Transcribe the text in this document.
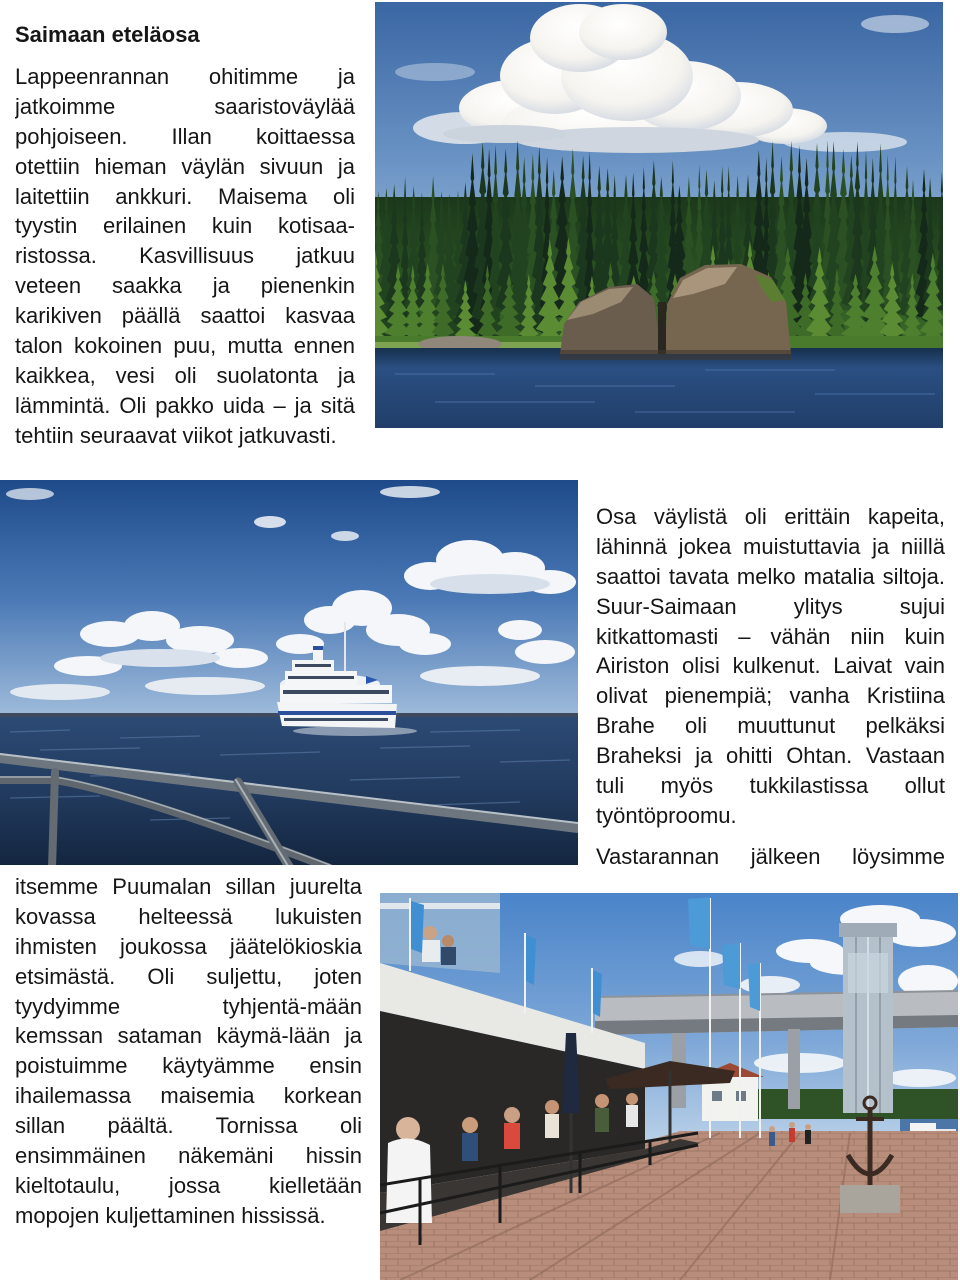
Saimaan eteläosa
Lappeenrannan ohitimme ja
jatkoimme saaristoväylää
pohjoiseen. Illan koittaessa
otettiin hieman väylän sivuun ja
laitettiin ankkuri. Maisema oli
tyystin erilainen kuin kotisaa-
ristossa. Kasvillisuus jatkuu
veteen saakka ja pienenkin
karikiven päällä saattoi kasvaa
talon kokoinen puu, mutta ennen
kaikkea, vesi oli suolatonta ja
lämmintä. Oli pakko uida – ja sitä
tehtiin seuraavat viikot jatkuvasti.
Osa väylistä oli erittäin kapeita,
lähinnä jokea muistuttavia ja niillä
saattoi tavata melko matalia siltoja.
Suur-Saimaan ylitys sujui
kitkattomasti – vähän niin kuin
Airiston olisi kulkenut. Laivat vain
olivat pienempiä; vanha Kristiina
Brahe oli muuttunut pelkäksi
Braheksi ja ohitti Ohtan. Vastaan
tuli myös tukkilastissa ollut
työntöproomu.
Vastarannan jälkeen löysimme
itsemme Puumalan sillan juurelta
kovassa helteessä lukuisten
ihmisten joukossa jäätelökioskia
etsimästä. Oli suljettu, joten
tyydyimme tyhjentä-mään
kemssan sataman käymä-lään ja
poistuimme käytyämme ensin
ihailemassa maisemia korkean
sillan päältä. Tornissa oli
ensimmäinen näkemäni hissin
kieltotaulu, jossa kielletään
mopojen kuljettaminen hississä.
